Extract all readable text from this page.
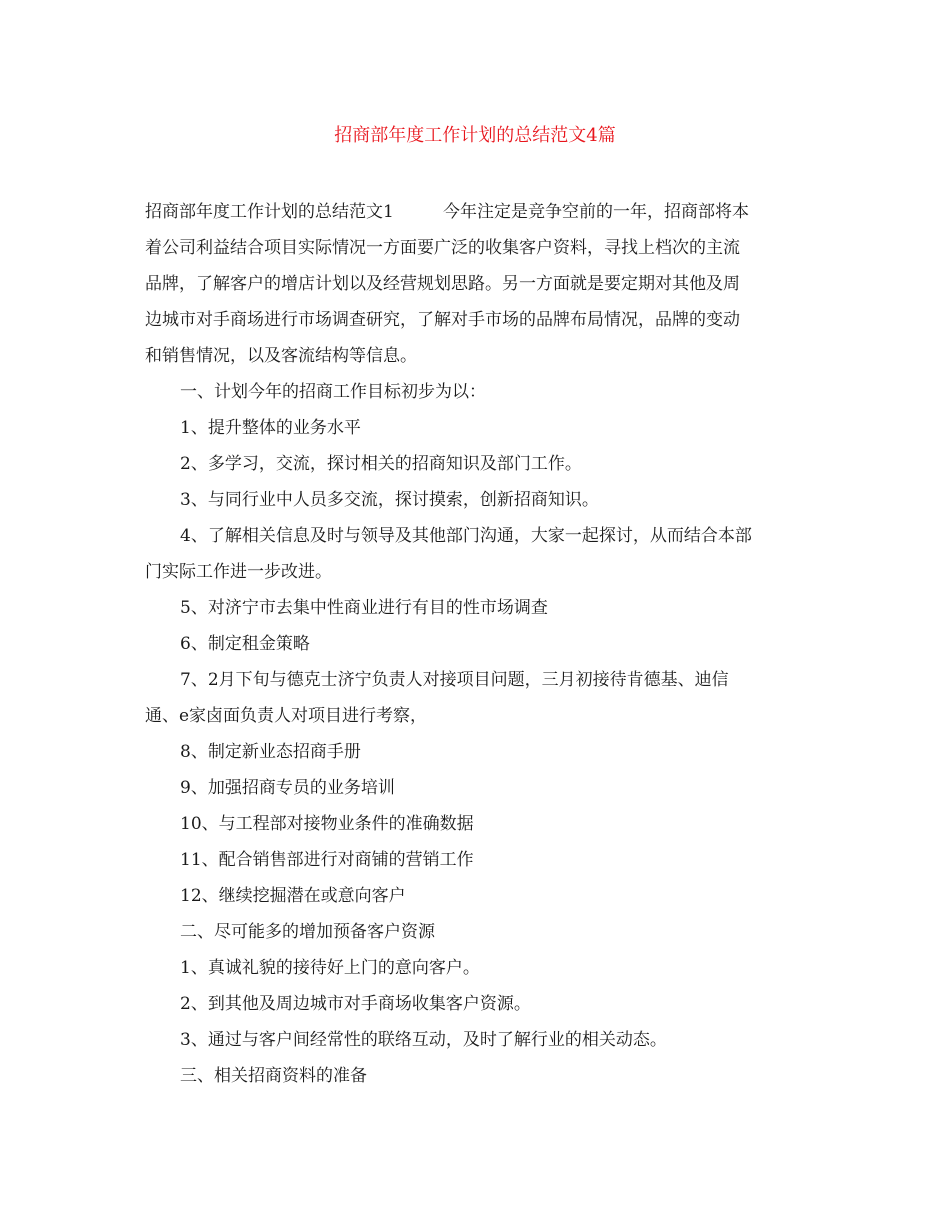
招商部年度工作计划的总结范文4篇
招商部年度工作计划的总结范文1	今年注定是竞争空前的一年，招商部将本
着公司利益结合项目实际情况一方面要广泛的收集客户资料，寻找上档次的主流
品牌，了解客户的增店计划以及经营规划思路。另一方面就是要定期对其他及周
边城市对手商场进行市场调查研究，了解对手市场的品牌布局情况，品牌的变动
和销售情况，以及客流结构等信息。
一、计划今年的招商工作目标初步为以：
1、提升整体的业务水平
2、多学习，交流，探讨相关的招商知识及部门工作。
3、与同行业中人员多交流，探讨摸索，创新招商知识。
4、了解相关信息及时与领导及其他部门沟通，大家一起探讨，从而结合本部
门实际工作进一步改进。
5、对济宁市去集中性商业进行有目的性市场调查
6、制定租金策略
7、2月下旬与德克士济宁负责人对接项目问题，三月初接待肯德基、迪信
通、e家卤面负责人对项目进行考察，
8、制定新业态招商手册
9、加强招商专员的业务培训
10、与工程部对接物业条件的准确数据
11、配合销售部进行对商铺的营销工作
12、继续挖掘潜在或意向客户
二、尽可能多的增加预备客户资源
1、真诚礼貌的接待好上门的意向客户。
2、到其他及周边城市对手商场收集客户资源。
3、通过与客户间经常性的联络互动，及时了解行业的相关动态。
三、相关招商资料的准备
